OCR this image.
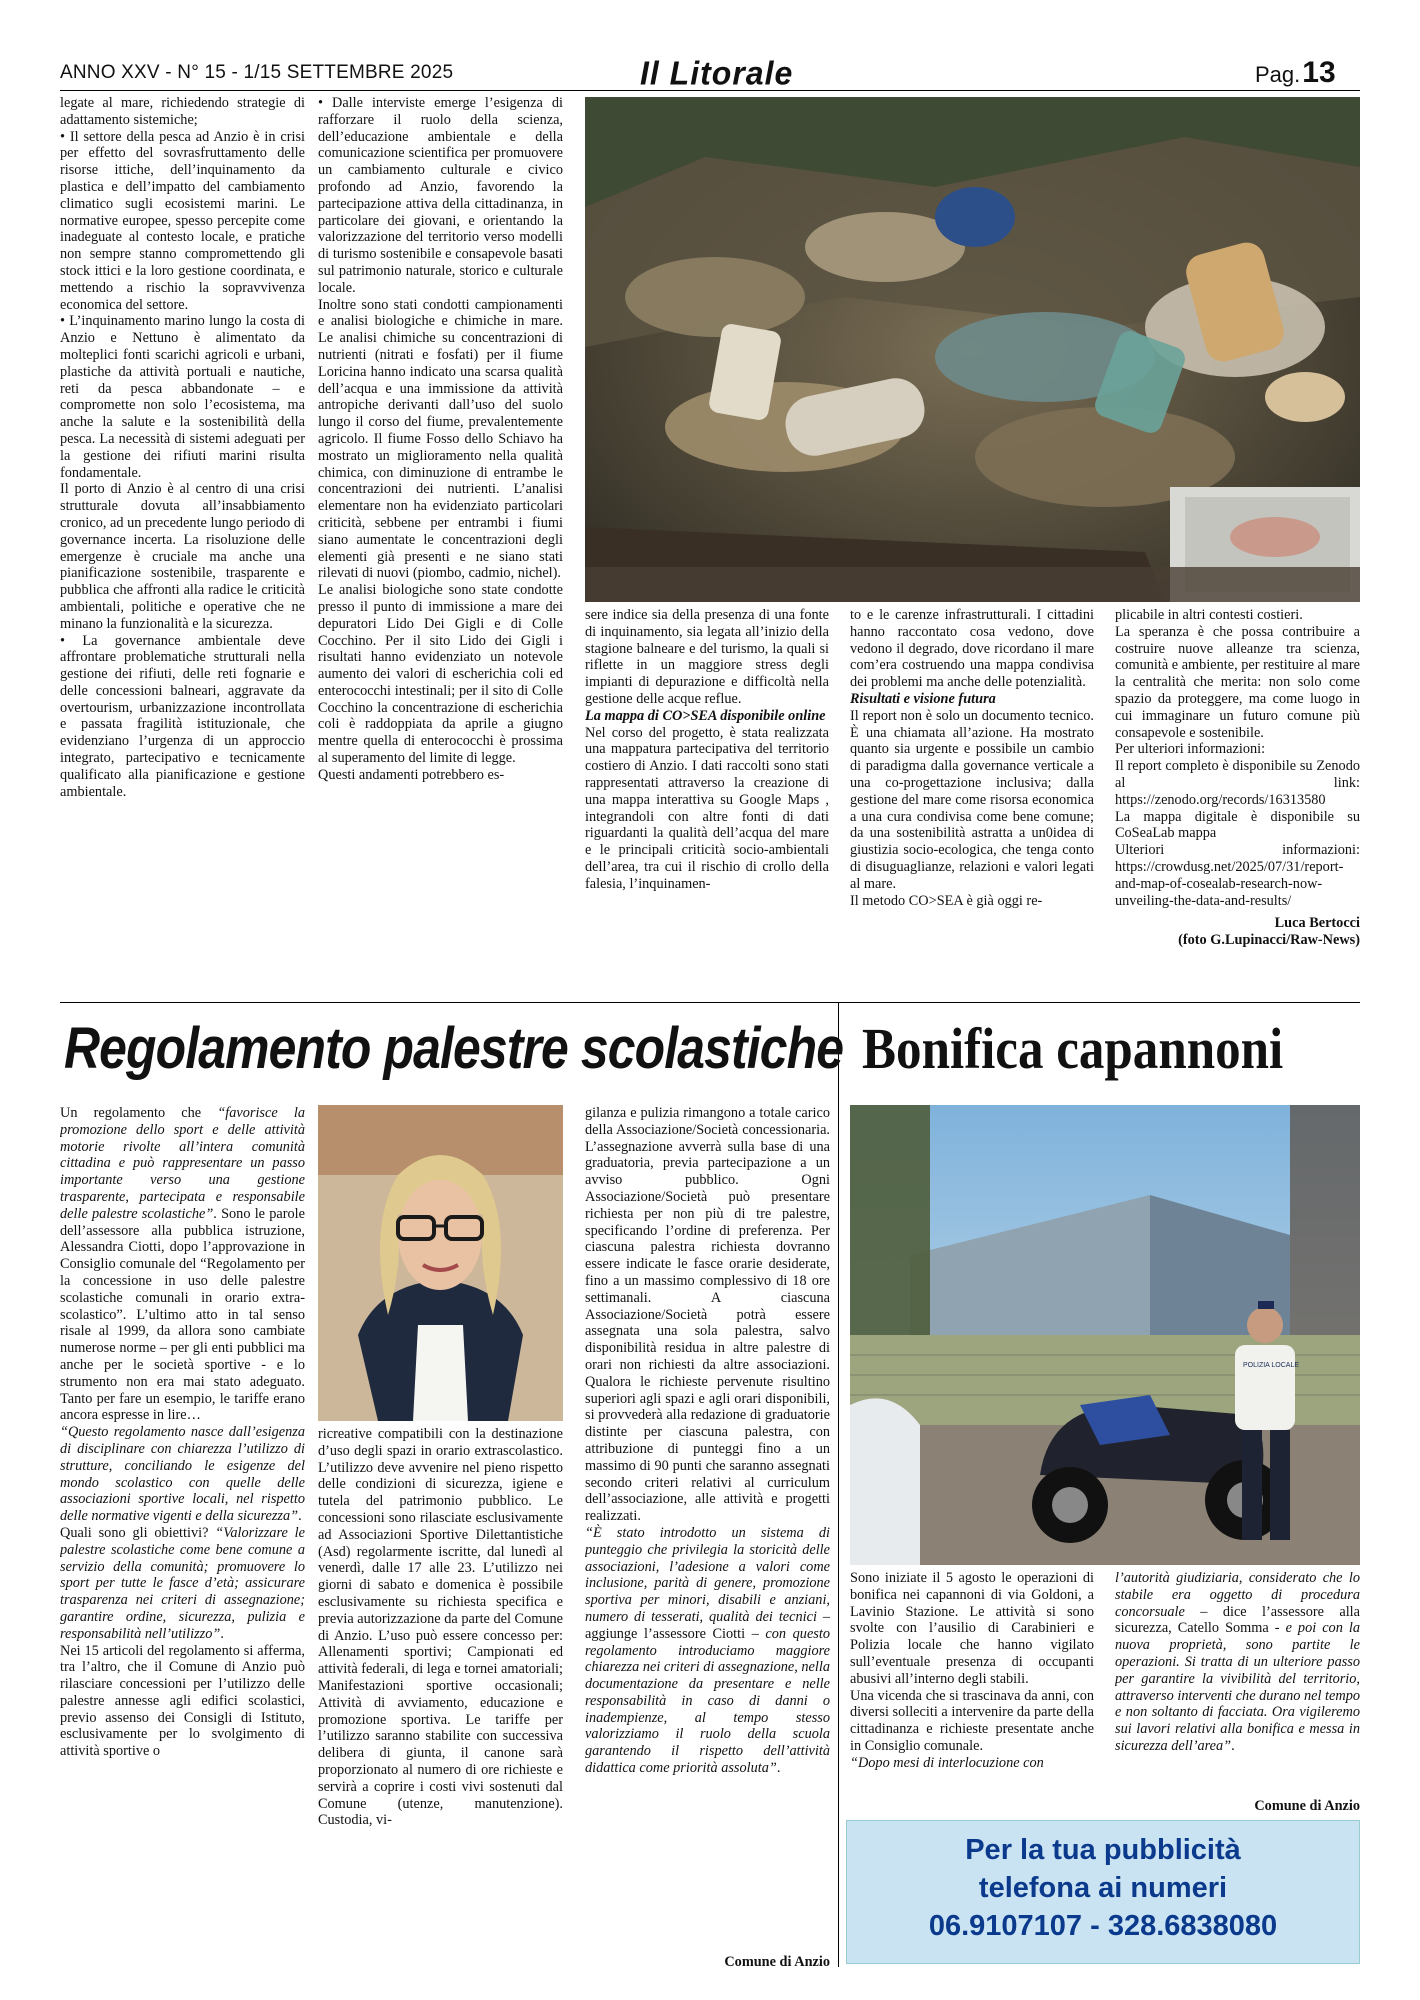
ANNO XXV - N° 15 - 1/15 SETTEMBRE 2025	Il Litorale	Pag.13

legate al mare, richiedendo strategie di adattamento sistemiche;

• Il settore della pesca ad Anzio è in crisi per effetto del sovrasfruttamento delle risorse ittiche, dell’inquinamento da plastica e dell’impatto del cambiamento climatico sugli ecosistemi marini. Le normative europee, spesso percepite come inadeguate al contesto locale, e pratiche non sempre stanno compromettendo gli stock ittici e la loro gestione coordinata, e mettendo a rischio la sopravvivenza economica del settore.

• L’inquinamento marino lungo la costa di Anzio e Nettuno è alimentato da molteplici fonti scarichi agricoli e urbani, plastiche da attività portuali e nautiche, reti da pesca abbandonate – e compromette non solo l’ecosistema, ma anche la salute e la sostenibilità della pesca. La necessità di sistemi adeguati per la gestione dei rifiuti marini risulta fondamentale.

Il porto di Anzio è al centro di una crisi strutturale dovuta all’insabbiamento cronico, ad un precedente lungo periodo di governance incerta. La risoluzione delle emergenze è cruciale ma anche una pianificazione sostenibile, trasparente e pubblica che affronti alla radice le criticità ambientali, politiche e operative che ne minano la funzionalità e la sicurezza.

• La governance ambientale deve affrontare problematiche strutturali nella gestione dei rifiuti, delle reti fognarie e delle concessioni balneari, aggravate da overtourism, urbanizzazione incontrollata e passata fragilità istituzionale, che evidenziano l’urgenza di un approccio integrato, partecipativo e tecnicamente qualificato alla pianificazione e gestione ambientale.

• Dalle interviste emerge l’esigenza di rafforzare il ruolo della scienza, dell’educazione ambientale e della comunicazione scientifica per promuovere un cambiamento culturale e civico profondo ad Anzio, favorendo la partecipazione attiva della cittadinanza, in particolare dei giovani, e orientando la valorizzazione del territorio verso modelli di turismo sostenibile e consapevole basati sul patrimonio naturale, storico e culturale locale.

Inoltre sono stati condotti campionamenti e analisi biologiche e chimiche in mare. Le analisi chimiche su concentrazioni di nutrienti (nitrati e fosfati) per il fiume Loricina hanno indicato una scarsa qualità dell’acqua e una immissione da attività antropiche derivanti dall’uso del suolo lungo il corso del fiume, prevalentemente agricolo. Il fiume Fosso dello Schiavo ha mostrato un miglioramento nella qualità chimica, con diminuzione di entrambe le concentrazioni dei nutrienti. L’analisi elementare non ha evidenziato particolari criticità, sebbene per entrambi i fiumi siano aumentate le concentrazioni degli elementi già presenti e ne siano stati rilevati di nuovi (piombo, cadmio, nichel).

Le analisi biologiche sono state condotte presso il punto di immissione a mare dei depuratori Lido Dei Gigli e di Colle Cocchino. Per il sito Lido dei Gigli i risultati hanno evidenziato un notevole aumento dei valori di escherichia coli ed enterococchi intestinali; per il sito di Colle Cocchino la concentrazione di escherichia coli è raddoppiata da aprile a giugno mentre quella di enterococchi è prossima al superamento del limite di legge.

Questi andamenti potrebbero es-

sere indice sia della presenza di una fonte di inquinamento, sia legata all’inizio della stagione balneare e del turismo, la quali si riflette in un maggiore stress degli impianti di depurazione e difficoltà nella gestione delle acque reflue.

La mappa di CO>SEA disponibile online

Nel corso del progetto, è stata realizzata una mappatura partecipativa del territorio costiero di Anzio. I dati raccolti sono stati rappresentati attraverso la creazione di una mappa interattiva su Google Maps , integrandoli con altre fonti di dati riguardanti la qualità dell’acqua del mare e le principali criticità socio-ambientali dell’area, tra cui il rischio di crollo della falesia, l’inquinamen-

to e le carenze infrastrutturali. I cittadini hanno raccontato cosa vedono, dove vedono il degrado, dove ricordano il mare com’era costruendo una mappa condivisa dei problemi ma anche delle potenzialità.

Risultati e visione futura

Il report non è solo un documento tecnico. È una chiamata all’azione. Ha mostrato quanto sia urgente e possibile un cambio di paradigma dalla governance verticale a una co-progettazione inclusiva; dalla gestione del mare come risorsa economica a una cura condivisa come bene comune; da una sostenibilità astratta a un0idea di giustizia socio-ecologica, che tenga conto di disuguaglianze, relazioni e valori legati al mare.

Il metodo CO>SEA è già oggi re-

plicabile in altri contesti costieri.

La speranza è che possa contribuire a costruire nuove alleanze tra scienza, comunità e ambiente, per restituire al mare la centralità che merita: non solo come spazio da proteggere, ma come luogo in cui immaginare un futuro comune più consapevole e sostenibile.

Per ulteriori informazioni:

Il report completo è disponibile su Zenodo al link: https://zenodo.org/records/16313580

La mappa digitale è disponibile su CoSeaLab mappa

Ulteriori informazioni: https://crowdusg.net/2025/07/31/report-and-map-of-cosealab-research-now-unveiling-the-data-and-results/

Luca Bertocci

(foto G.Lupinacci/Raw-News)

Regolamento palestre scolastiche
Un regolamento che “favorisce la promozione dello sport e delle attività motorie rivolte all’intera comunità cittadina e può rappresentare un passo importante verso una gestione trasparente, partecipata e responsabile delle palestre scolastiche”. Sono le parole dell’assessore alla pubblica istruzione, Alessandra Ciotti, dopo l’approvazione in Consiglio comunale del “Regolamento per la concessione in uso delle palestre scolastiche comunali in orario extra-scolastico”. L’ultimo atto in tal senso risale al 1999, da allora sono cambiate numerose norme – per gli enti pubblici ma anche per le società sportive - e lo strumento non era mai stato adeguato. Tanto per fare un esempio, le tariffe erano ancora espresse in lire…
“Questo regolamento nasce dall’esigenza di disciplinare con chiarezza l’utilizzo di strutture, conciliando le esigenze del mondo scolastico con quelle delle associazioni sportive locali, nel rispetto delle normative vigenti e della sicurezza”.
Quali sono gli obiettivi? “Valorizzare le palestre scolastiche come bene comune a servizio della comunità; promuovere lo sport per tutte le fasce d’età; assicurare trasparenza nei criteri di assegnazione; garantire ordine, sicurezza, pulizia e responsabilità nell’utilizzo”.
Nei 15 articoli del regolamento si afferma, tra l’altro, che il Comune di Anzio può rilasciare concessioni per l’utilizzo delle palestre annesse agli edifici scolastici, previo assenso dei Consigli di Istituto, esclusivamente per lo svolgimento di attività sportive o
ricreative compatibili con la destinazione d’uso degli spazi in orario extrascolastico. L’utilizzo deve avvenire nel pieno rispetto delle condizioni di sicurezza, igiene e tutela del patrimonio pubblico. Le concessioni sono rilasciate esclusivamente ad Associazioni Sportive Dilettantistiche (Asd) regolarmente iscritte, dal lunedì al venerdì, dalle 17 alle 23. L’utilizzo nei giorni di sabato e domenica è possibile esclusivamente su richiesta specifica e previa autorizzazione da parte del Comune di Anzio. L’uso può essere concesso per: Allenamenti sportivi; Campionati ed attività federali, di lega e tornei amatoriali; Manifestazioni sportive occasionali; Attività di avviamento, educazione e promozione sportiva. Le tariffe per l’utilizzo saranno stabilite con successiva delibera di giunta, il canone sarà proporzionato al numero di ore richieste e servirà a coprire i costi vivi sostenuti dal Comune (utenze, manutenzione). Custodia, vi-
gilanza e pulizia rimangono a totale carico della Associazione/Società concessionaria. L’assegnazione avverrà sulla base di una graduatoria, previa partecipazione a un avviso pubblico. Ogni Associazione/Società può presentare richiesta per non più di tre palestre, specificando l’ordine di preferenza. Per ciascuna palestra richiesta dovranno essere indicate le fasce orarie desiderate, fino a un massimo complessivo di 18 ore settimanali. A ciascuna Associazione/Società potrà essere assegnata una sola palestra, salvo disponibilità residua in altre palestre di orari non richiesti da altre associazioni. Qualora le richieste pervenute risultino superiori agli spazi e agli orari disponibili, si provvederà alla redazione di graduatorie distinte per ciascuna palestra, con attribuzione di punteggi fino a un massimo di 90 punti che saranno assegnati secondo criteri relativi al curriculum dell’associazione, alle attività e progetti realizzati.
“È stato introdotto un sistema di punteggio che privilegia la storicità delle associazioni, l’adesione a valori come inclusione, parità di genere, promozione sportiva per minori, disabili e anziani, numero di tesserati, qualità dei tecnici – aggiunge l’assessore Ciotti – con questo regolamento introduciamo maggiore chiarezza nei criteri di assegnazione, nella documentazione da presentare e nelle responsabilità in caso di danni o inadempienze, al tempo stesso valorizziamo il ruolo della scuola garantendo il rispetto dell’attività didattica come priorità assoluta”.

Comune di Anzio

Bonifica capannoni
POLIZIA LOCALE
Sono iniziate il 5 agosto le operazioni di bonifica nei capannoni di via Goldoni, a Lavinio Stazione. Le attività si sono svolte con l’ausilio di Carabinieri e Polizia locale che hanno vigilato sull’eventuale presenza di occupanti abusivi all’interno degli stabili.
Una vicenda che si trascinava da anni, con diversi solleciti a intervenire da parte della cittadinanza e richieste presentate anche in Consiglio comunale.
“Dopo mesi di interlocuzione con
l’autorità giudiziaria, considerato che lo stabile era oggetto di procedura concorsuale – dice l’assessore alla sicurezza, Catello Somma - e poi con la nuova proprietà, sono partite le operazioni. Si tratta di un ulteriore passo per garantire la vivibilità del territorio, attraverso interventi che durano nel tempo e non soltanto di facciata. Ora vigileremo sui lavori relativi alla bonifica e messa in sicurezza dell’area”.

Comune di Anzio

Per la tua pubblicità
telefona ai numeri
06.9107107 - 328.6838080
